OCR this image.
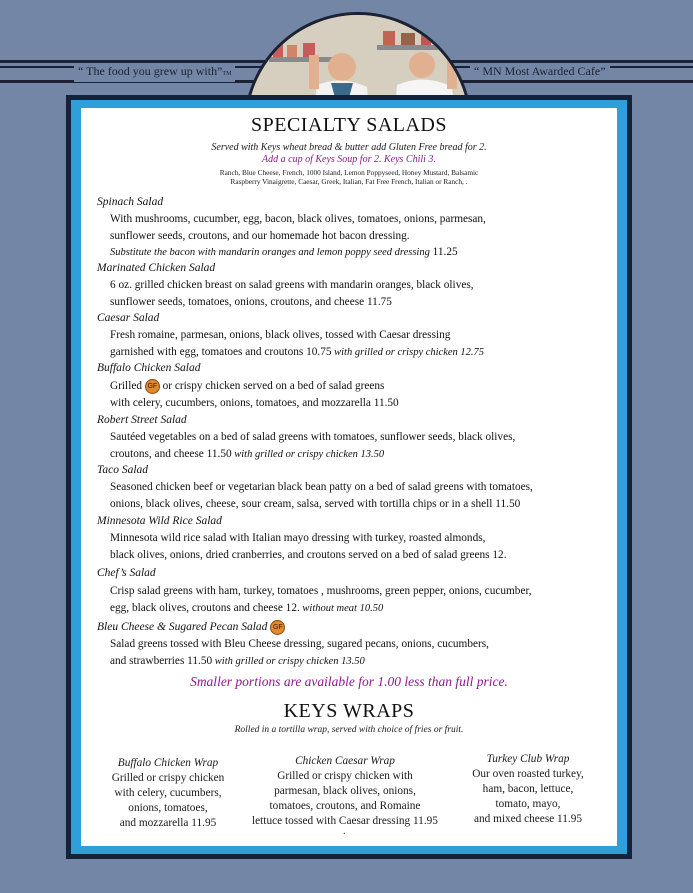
“ The food you grew up with”TM	“ MN Most Awarded Cafe”
SPECIALTY SALADS
Served with Keys wheat bread & butter add Gluten Free bread for 2.
Add a cup of Keys Soup for 2. Keys Chili 3.
Ranch, Blue Cheese, French, 1000 Island, Lemon Poppyseed, Honey Mustard, Balsamic
Raspberry Vinaigrette, Caesar, Greek, Italian, Fat Free French, Italian or Ranch, .
Spinach Salad
With mushrooms, cucumber, egg, bacon, black olives, tomatoes, onions, parmesan,
sunflower seeds, croutons, and our homemade hot bacon dressing.
Substitute the bacon with mandarin oranges and lemon poppy seed dressing 11.25
Marinated Chicken Salad
6 oz. grilled chicken breast on salad greens with mandarin oranges, black olives,
sunflower seeds, tomatoes, onions, croutons, and cheese 11.75
Caesar Salad
Fresh romaine, parmesan, onions, black olives, tossed with Caesar dressing
garnished with egg, tomatoes and croutons 10.75 with grilled or crispy chicken 12.75
Buffalo Chicken Salad
Grilled GF or crispy chicken served on a bed of salad greens
with celery, cucumbers, onions, tomatoes, and mozzarella 11.50
Robert Street Salad
Sautéed vegetables on a bed of salad greens with tomatoes, sunflower seeds, black olives,
croutons, and cheese 11.50 with grilled or crispy chicken 13.50
Taco Salad
Seasoned chicken beef or vegetarian black bean patty on a bed of salad greens with tomatoes,
onions, black olives, cheese, sour cream, salsa, served with tortilla chips or in a shell 11.50
Minnesota Wild Rice Salad
Minnesota wild rice salad with Italian mayo dressing with turkey, roasted almonds,
black olives, onions, dried cranberries, and croutons served on a bed of salad greens 12.
Chef’s Salad
Crisp salad greens with ham, turkey, tomatoes , mushrooms, green pepper, onions, cucumber,
egg, black olives, croutons and cheese 12. without meat 10.50
Bleu Cheese & Sugared Pecan Salad GF
Salad greens tossed with Bleu Cheese dressing, sugared pecans, onions, cucumbers,
and strawberries 11.50 with grilled or crispy chicken 13.50
Smaller portions are available for 1.00 less than full price.
KEYS WRAPS
Rolled in a tortilla wrap, served with choice of fries or fruit.
Buffalo Chicken Wrap
Grilled or crispy chicken
with celery, cucumbers,
onions, tomatoes,
and mozzarella 11.95
Chicken Caesar Wrap
Grilled or crispy chicken with
parmesan, black olives, onions,
tomatoes, croutons, and Romaine
lettuce tossed with Caesar dressing 11.95
Turkey Club Wrap
Our oven roasted turkey,
ham, bacon, lettuce,
tomato, mayo,
and mixed cheese 11.95
.
